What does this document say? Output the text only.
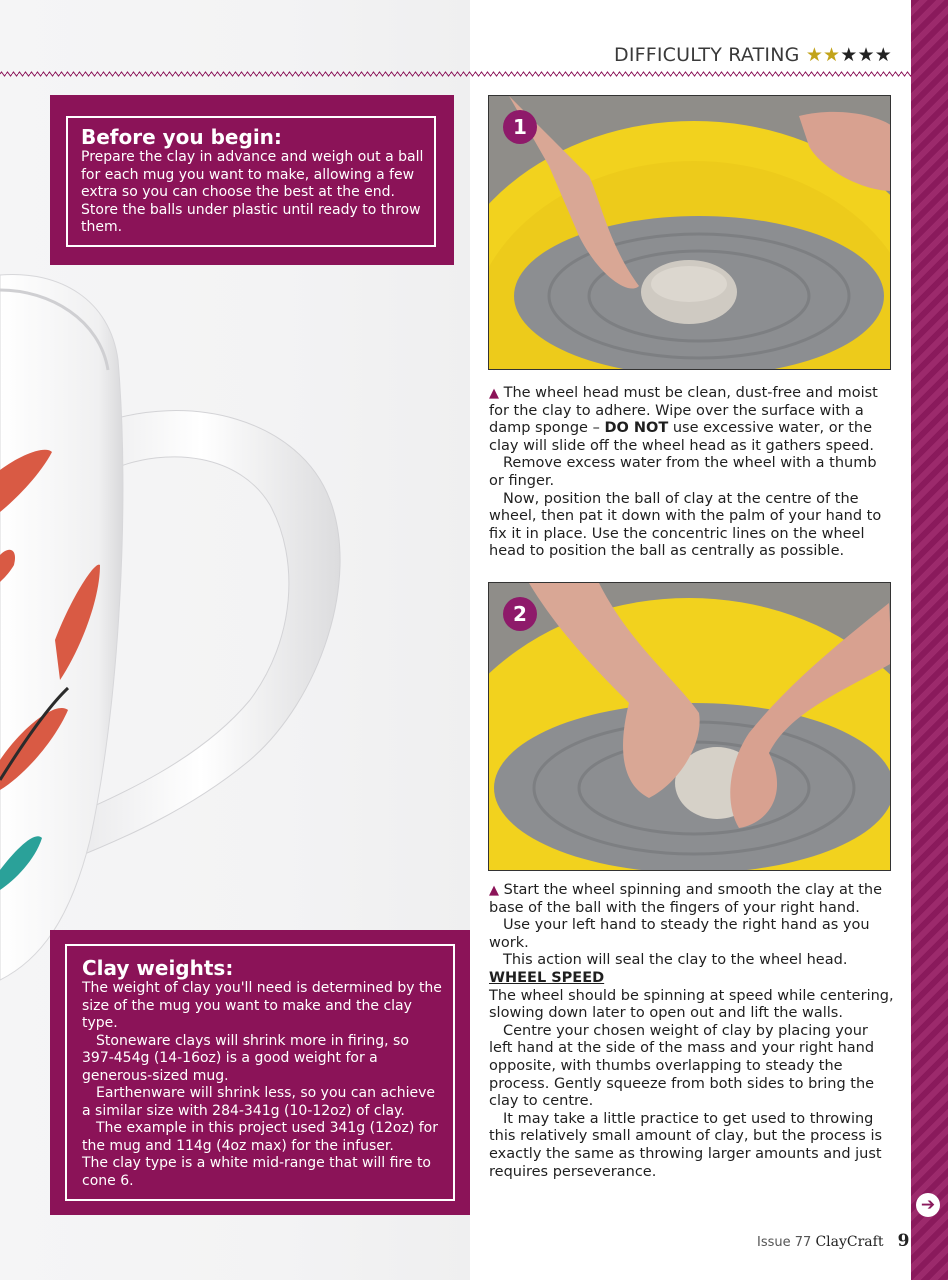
➔
DIFFICULTY RATING ★★★★★
Before you begin:

Prepare the clay in advance and weigh out a ball for each mug you want to make, allowing a few extra so you can choose the best at the end. Store the balls under plastic until ready to throw them.

Clay weights:

The weight of clay you'll need is determined by the size of the mug you want to make and the clay type.

Stoneware clays will shrink more in firing, so 397-454g (14-16oz) is a good weight for a generous-sized mug.

Earthenware will shrink less, so you can achieve a similar size with 284-341g (10-12oz) of clay.

The example in this project used 341g (12oz) for the mug and 114g (4oz max) for the infuser.

The clay type is a white mid-range that will fire to cone 6.

1

▲ The wheel head must be clean, dust-free and moist for the clay to adhere. Wipe over the surface with a damp sponge – DO NOT use excessive water, or the clay will slide off the wheel head as it gathers speed.

Remove excess water from the wheel with a thumb or finger.

Now, position the ball of clay at the centre of the wheel, then pat it down with the palm of your hand to fix it in place. Use the concentric lines on the wheel head to position the ball as centrally as possible.

2

▲ Start the wheel spinning and smooth the clay at the base of the ball with the fingers of your right hand.

Use your left hand to steady the right hand as you work.

This action will seal the clay to the wheel head.

WHEEL SPEED

The wheel should be spinning at speed while centering, slowing down later to open out and lift the walls.

Centre your chosen weight of clay by placing your left hand at the side of the mass and your right hand opposite, with thumbs overlapping to steady the process. Gently squeeze from both sides to bring the clay to centre.

It may take a little practice to get used to throwing this relatively small amount of clay, but the process is exactly the same as throwing larger amounts and just requires perseverance.

Issue 77 ClayCraft 9
